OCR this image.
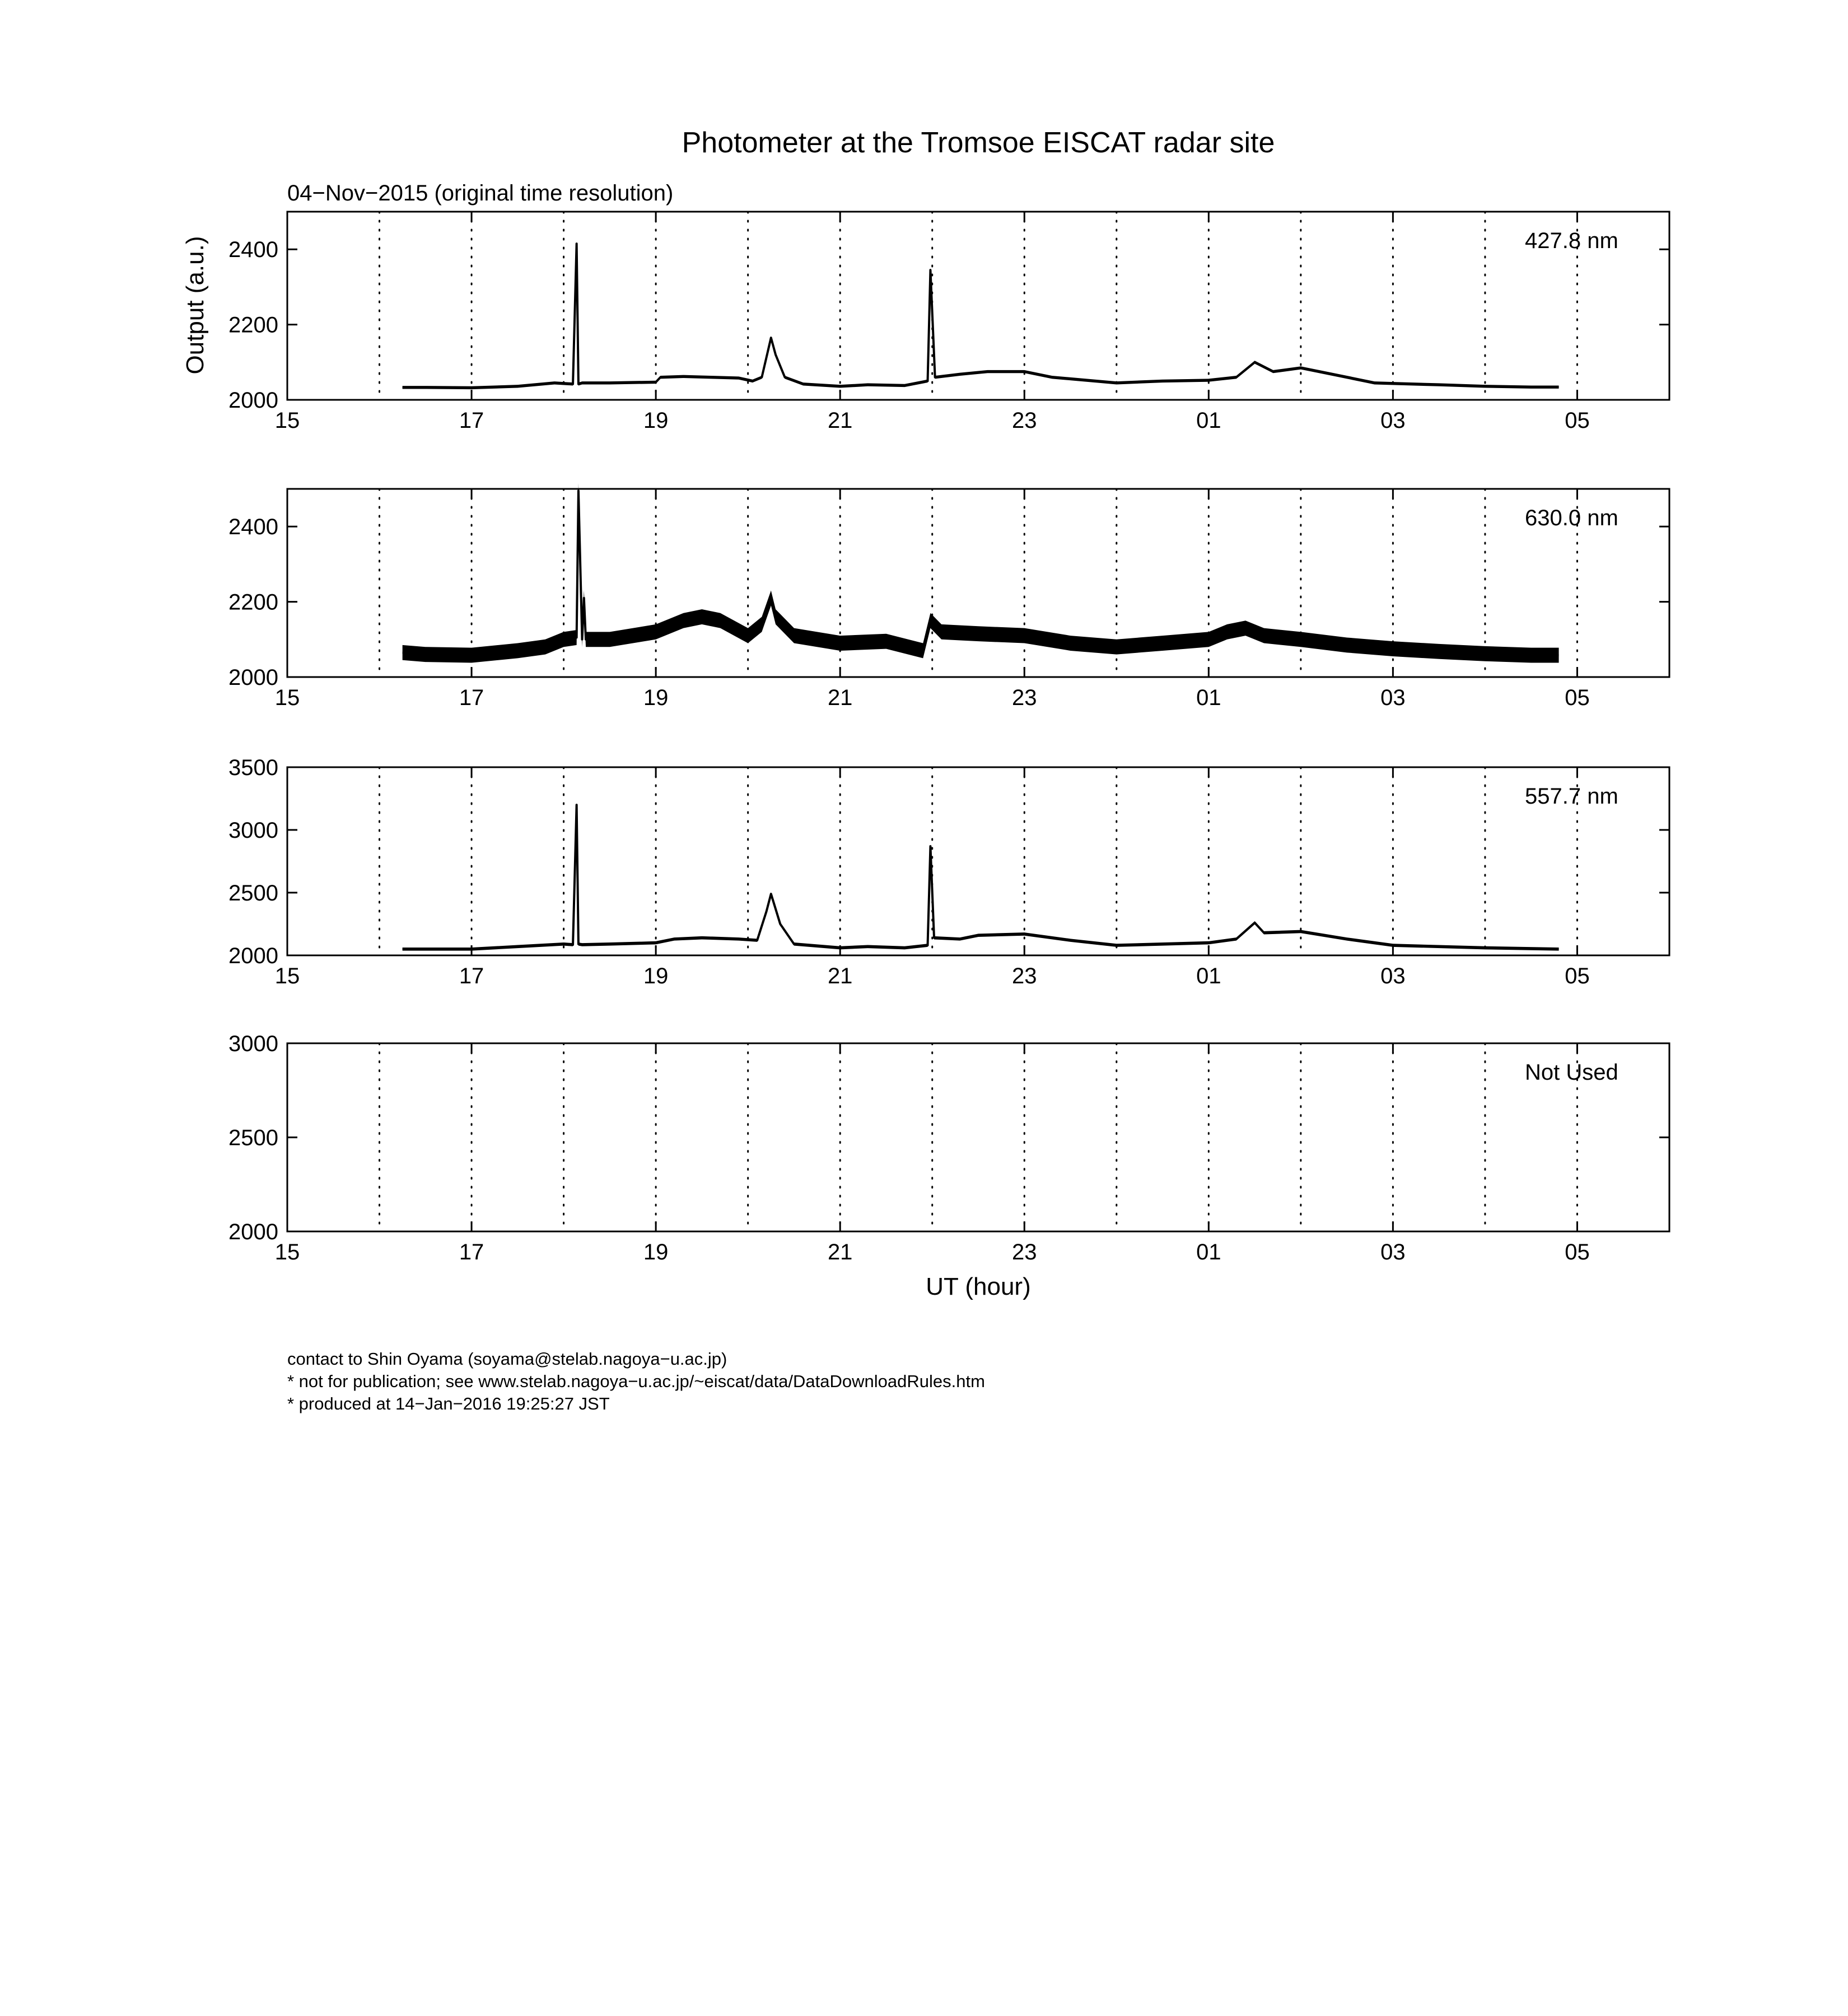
Photometer at the Tromsoe EISCAT radar site
04−Nov−2015 (original time resolution)
Output (a.u.)
UT (hour)
15	17	19	21	23	01	03	05
2000
2200
2400	427.8 nm
15	17	19	21	23	01	03	05
2000
2200
2400	630.0 nm
15	17	19	21	23	01	03	05
2000
2500
3000
3500
557.7 nm
15	17	19	21	23	01	03	05
2000
2500
3000
Not Used
contact to Shin Oyama (soyama@stelab.nagoya−u.ac.jp)
* not for publication; see www.stelab.nagoya−u.ac.jp/~eiscat/data/DataDownloadRules.htm
* produced at 14−Jan−2016 19:25:27 JST
